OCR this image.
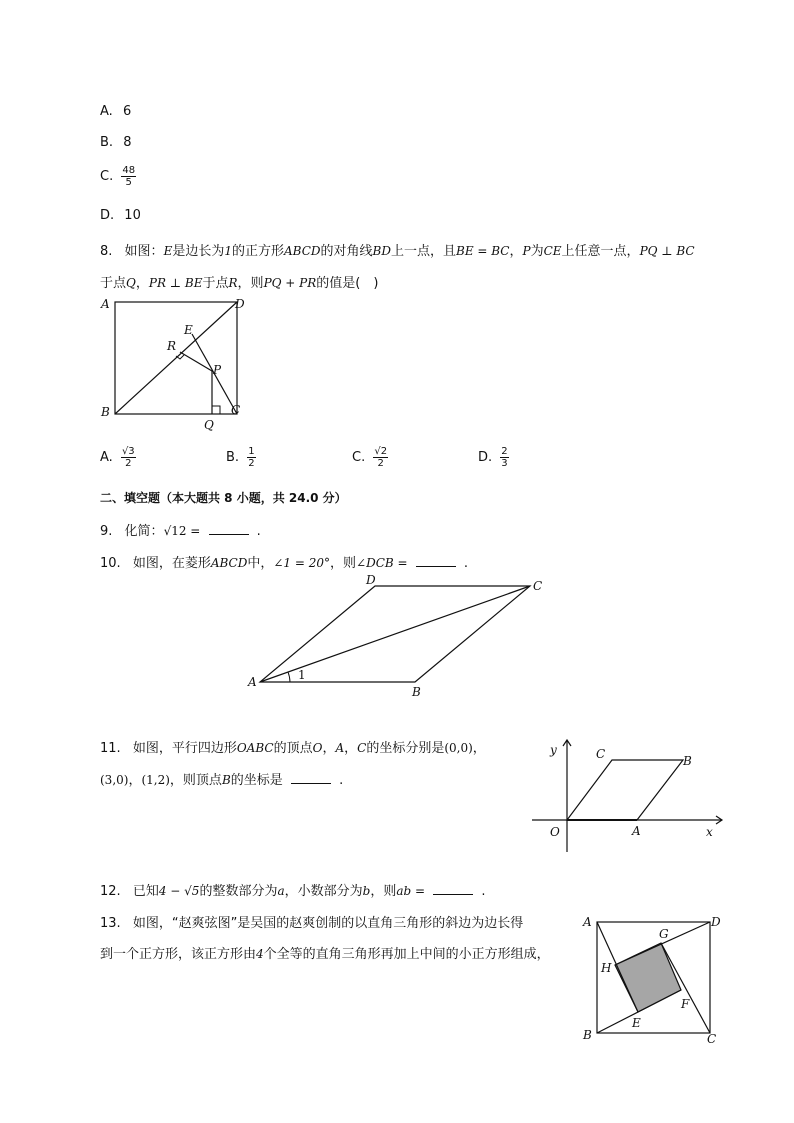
A. 6
B. 8
C. $\frac{48}{5}$
D. 10
8. 如图：E是边长为1的正方形ABCD的对角线BD上一点，且BE = BC，P为CE上任意一点，PQ ⊥ BC
于点Q，PR ⊥ BE于点R，则PQ + PR的值是(　)
A	D
B	C
E
R
P
Q
A. $\frac{√3}{2}$	B. $\frac{1}{2}$	C. $\frac{√2}{2}$	D. $\frac{2}{3}$
二、填空题（本大题共 8 小题，共 24.0 分）
9. 化简：√12 =	.
10. 如图，在菱形ABCD中，∠1 = 20°，则∠DCB =	.
A
B
C
D
1
11. 如图，平行四边形OABC的顶点O，A，C的坐标分别是(0,0)，
(3,0)，(1,2)，则顶点B的坐标是	.
y
x
O	A
B
C
12. 已知4 − √5的整数部分为a，小数部分为b，则ab =	.
13. 如图，“赵爽弦图”是吴国的赵爽创制的以直角三角形的斜边为边长得
到一个正方形，该正方形由4个全等的直角三角形再加上中间的小正方形组成，
A	D
B	C
G
H
F
E
